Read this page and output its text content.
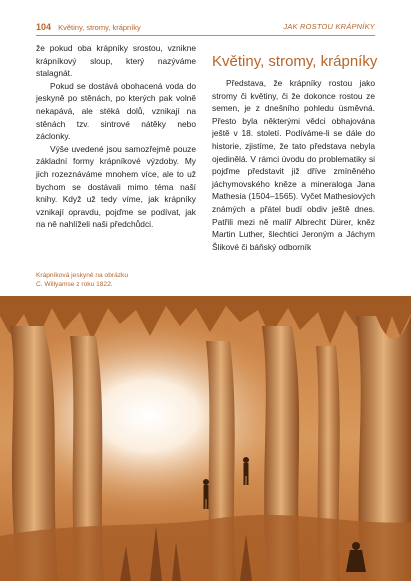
104 Květiny, stromy, krápníky	JAK ROSTOU KRÁPNÍKY

že pokud oba krápníky srostou, vznikne krápníkový sloup, který nazýváme stalagnát.

Pokud se dostává obohacená voda do jeskyně po stěnách, po kterých pak volně nekapává, ale stéká dolů, vznikají na stěnách tzv. sintrové nátěky nebo záclonky.

Výše uvedené jsou samozřejmě pouze základní formy krápníkové výzdoby. My jich rozeznáváme mnohem více, ale to už bychom se dostávali mimo téma naší knihy. Když už tedy víme, jak krápníky vznikají opravdu, pojďme se podívat, jak na ně nahlíželi naši předchůdci.

Krápníková jeskyně na obrázku
C. Willyamse z roku 1822.
Květiny, stromy, krápníky

Představa, že krápníky rostou jako stromy či květiny, či že dokonce rostou ze semen, je z dnešního pohledu úsměvná. Přesto byla některými vědci obhajována ještě v 18. století. Podíváme-li se dále do historie, zjistíme, že tato představa nebyla ojedinělá. V rámci úvodu do problematiky si pojďme představit již dříve zmíněného jáchymovského kněze a mineraloga Jana Mathesia (1504–1565). Vyčet Mathesiových známých a přátel budí obdiv ještě dnes. Patřili mezi ně malíř Albrecht Dürer, kněz Martin Luther, šlechtici Jeroným a Jáchym Šlikové či báňský odborník
